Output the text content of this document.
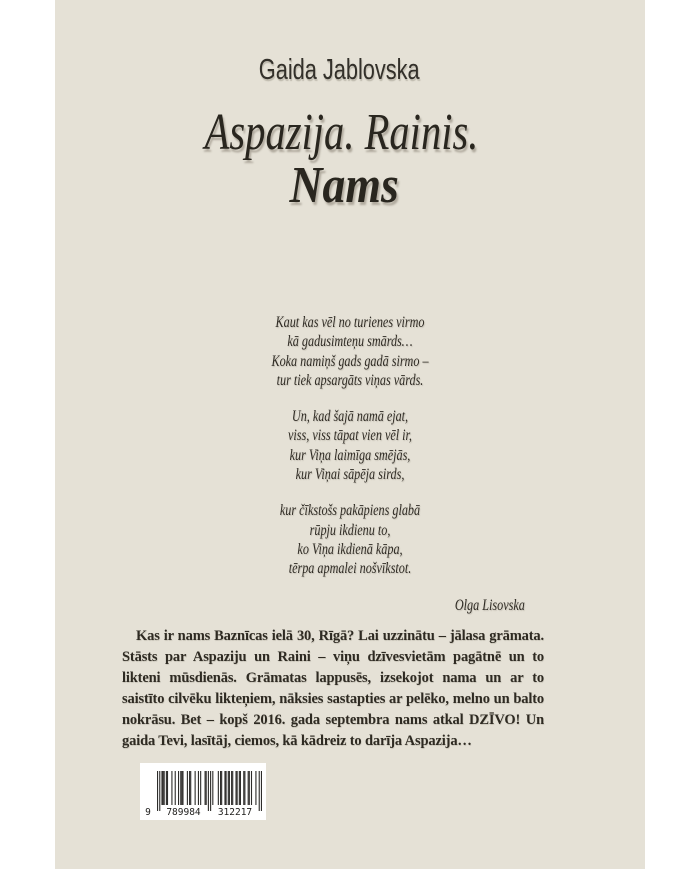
Gaida Jablovska
Aspazija. Rainis.
Nams
Kaut kas vēl no turienes virmo
kā gadusimteņu smārds…
Koka namiņš gads gadā sirmo –
tur tiek apsargāts viņas vārds.
Un, kad šajā namā ejat,
viss, viss tāpat vien vēl ir,
kur Viņa laimīga smējās,
kur Viņai sāpēja sirds,
kur čīkstošs pakāpiens glabā
rūpju ikdienu to,
ko Viņa ikdienā kāpa,
tērpa apmalei nošvīkstot.
Olga Lisovska
Kas ir nams Baznīcas ielā 30, Rīgā? Lai uzzinātu – jālasa grāmata. Stāsts par Aspaziju un Raini – viņu dzīvesvietām pagātnē un to likteni mūsdienās. Grāmatas lappusēs, izsekojot nama un ar to saistīto cilvēku likteņiem, nāksies sastapties ar pelēko, melno un balto nokrāsu. Bet – kopš 2016. gada septembra nams atkal DZĪVO! Un gaida Tevi, lasītāj, ciemos, kā kādreiz to darīja Aspazija…
9 789984 312217
